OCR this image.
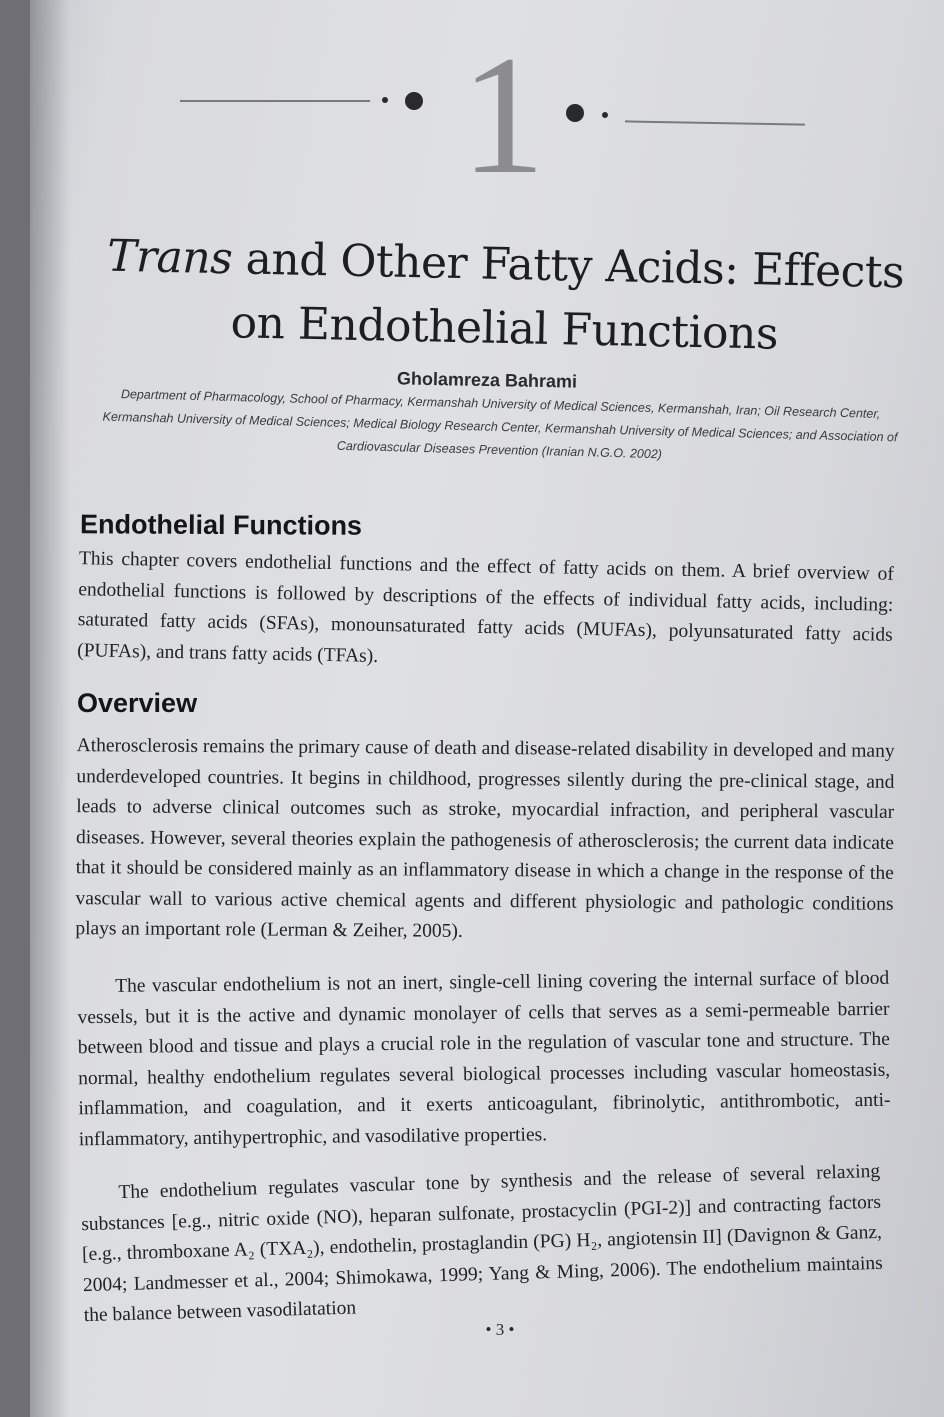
1
Trans and Other Fatty Acids: Effects
on Endothelial Functions
Gholamreza Bahrami
Department of Pharmacology, School of Pharmacy, Kermanshah University of Medical Sciences, Kermanshah, Iran; Oil Research Center, Kermanshah University of Medical Sciences; Medical Biology Research Center, Kermanshah University of Medical Sciences; and Association of Cardiovascular Diseases Prevention (Iranian N.G.O. 2002)
Endothelial Functions
This chapter covers endothelial functions and the effect of fatty acids on them. A brief overview of endothelial functions is followed by descriptions of the effects of individual fatty acids, including: saturated fatty acids (SFAs), monounsaturated fatty acids (MUFAs), polyunsaturated fatty acids (PUFAs), and trans fatty acids (TFAs).
Overview
Atherosclerosis remains the primary cause of death and disease-related disability in developed and many underdeveloped countries. It begins in childhood, progresses silently during the pre-clinical stage, and leads to adverse clinical outcomes such as stroke, myocardial infraction, and peripheral vascular diseases. However, several theories explain the pathogenesis of atherosclerosis; the current data indicate that it should be considered mainly as an inflammatory disease in which a change in the response of the vascular wall to various active chemical agents and different physiologic and pathologic conditions plays an important role (Lerman & Zeiher, 2005).
The vascular endothelium is not an inert, single-cell lining covering the internal surface of blood vessels, but it is the active and dynamic monolayer of cells that serves as a semi-permeable barrier between blood and tissue and plays a crucial role in the regulation of vascular tone and structure. The normal, healthy endothelium regulates several biological processes including vascular homeostasis, inflammation, and coagulation, and it exerts anticoagulant, fibrinolytic, antithrombotic, anti-inflammatory, antihypertrophic, and vasodilative properties.
The endothelium regulates vascular tone by synthesis and the release of several relaxing substances [e.g., nitric oxide (NO), heparan sulfonate, prostacyclin (PGI-2)] and contracting factors [e.g., thromboxane A₂ (TXA₂), endothelin, prostaglandin (PG) H₂, angiotensin II] (Davignon & Ganz, 2004; Landmesser et al., 2004; Shimokawa, 1999; Yang & Ming, 2006). The endothelium maintains the balance between vasodilatation
• 3 •
